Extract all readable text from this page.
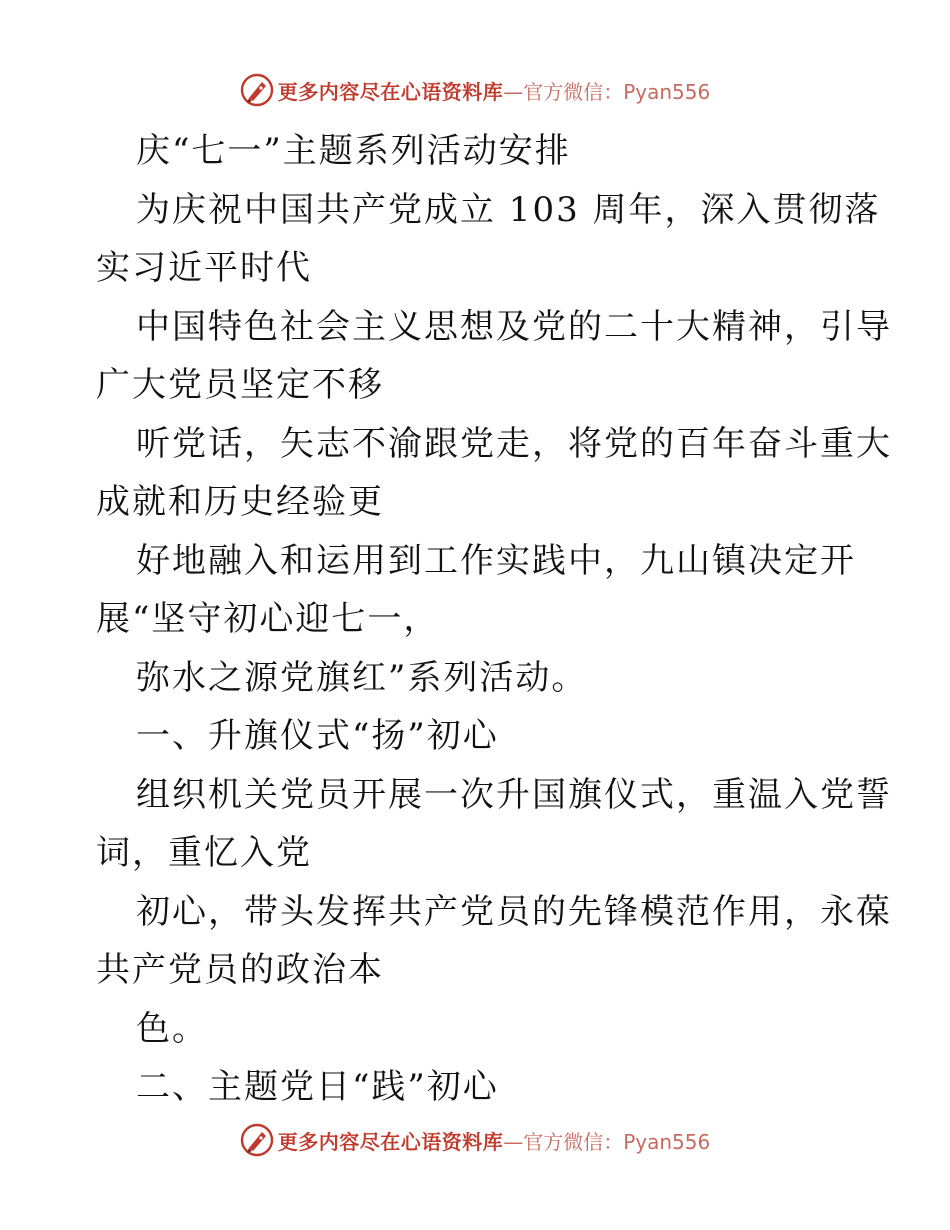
更多内容尽在心语资料库 —官方微信：Pyan556
庆“七一”主题系列活动安排
为庆祝中国共产党成立 103 周年，深入贯彻落
实习近平时代
中国特色社会主义思想及党的二十大精神，引导
广大党员坚定不移
听党话，矢志不渝跟党走，将党的百年奋斗重大
成就和历史经验更
好地融入和运用到工作实践中，九山镇决定开
展“坚守初心迎七一，
弥水之源党旗红”系列活动。
一、升旗仪式“扬”初心
组织机关党员开展一次升国旗仪式，重温入党誓
词，重忆入党
初心，带头发挥共产党员的先锋模范作用，永葆
共产党员的政治本
色。
二、主题党日“践”初心
更多内容尽在心语资料库 —官方微信：Pyan556
